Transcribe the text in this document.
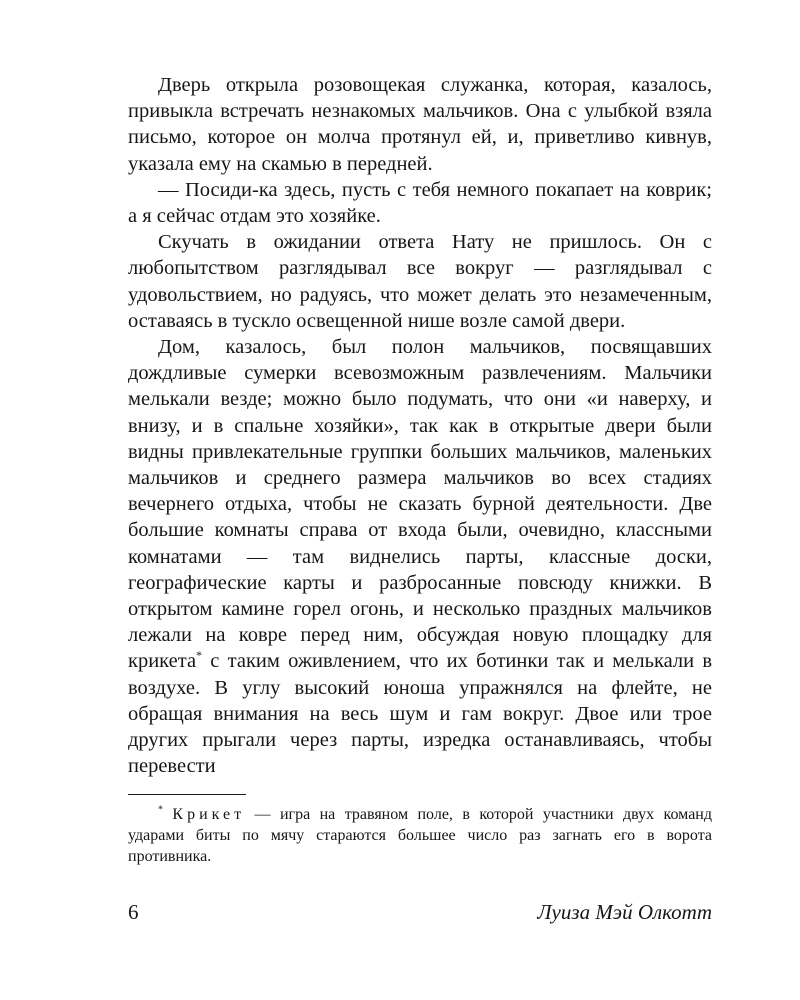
Дверь открыла розовощекая служанка, которая, казалось, привыкла встречать незнакомых мальчиков. Она с улыбкой взяла письмо, которое он молча протянул ей, и, приветливо кивнув, указала ему на скамью в передней.

— Посиди-ка здесь, пусть с тебя немного покапает на коврик; а я сейчас отдам это хозяйке.

Скучать в ожидании ответа Нату не пришлось. Он с любопытством разглядывал все вокруг — разглядывал с удовольствием, но радуясь, что может делать это незамеченным, оставаясь в тускло освещенной нише возле самой двери.

Дом, казалось, был полон мальчиков, посвящавших дождливые сумерки всевозможным развлечениям. Мальчики мелькали везде; можно было подумать, что они «и наверху, и внизу, и в спальне хозяйки», так как в открытые двери были видны привлекательные группки больших мальчиков, маленьких мальчиков и среднего размера мальчиков во всех стадиях вечернего отдыха, чтобы не сказать бурной деятельности. Две большие комнаты справа от входа были, очевидно, классными комнатами — там виднелись парты, классные доски, географические карты и разбросанные повсюду книжки. В открытом камине горел огонь, и несколько праздных мальчиков лежали на ковре перед ним, обсуждая новую площадку для крикета* с таким оживлением, что их ботинки так и мелькали в воздухе. В углу высокий юноша упражнялся на флейте, не обращая внимания на весь шум и гам вокруг. Двое или трое других прыгали через парты, изредка останавливаясь, чтобы перевести

* Крикет — игра на травяном поле, в которой участники двух команд ударами биты по мячу стараются большее число раз загнать его в ворота противника.

6	Луиза Мэй Олкотт
